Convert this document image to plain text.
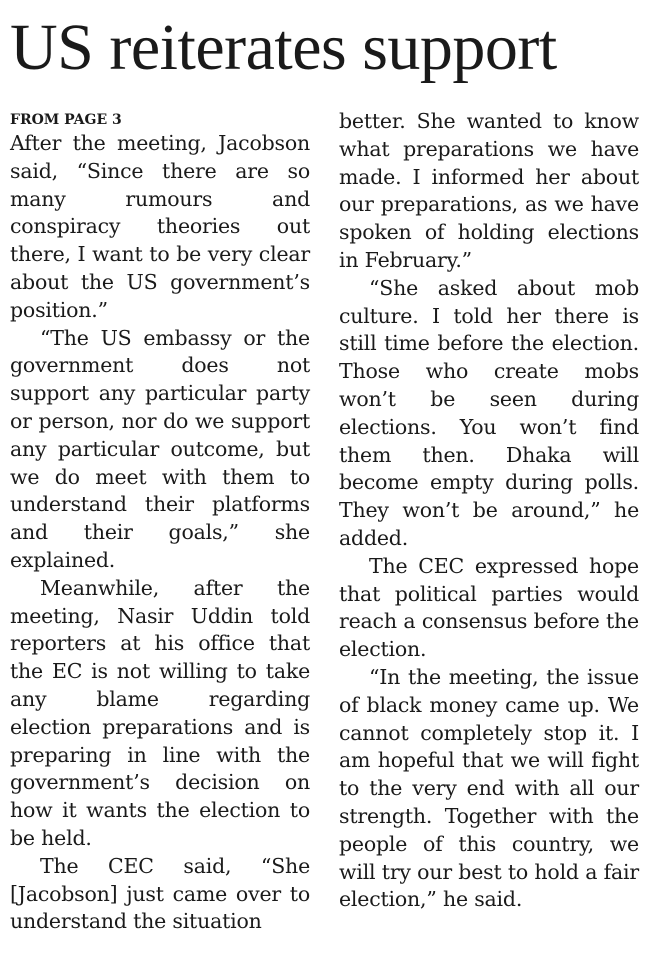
US reiterates support
FROM PAGE 3

After the meeting, Jacobson said, “Since there are so many rumours and conspiracy theories out there, I want to be very clear about the US government’s position.”

“The US embassy or the government does not support any particular party or person, nor do we support any particular outcome, but we do meet with them to understand their platforms and their goals,” she explained.

Meanwhile, after the meeting, Nasir Uddin told reporters at his office that the EC is not willing to take any blame regarding election preparations and is preparing in line with the government’s decision on how it wants the election to be held.

The CEC said, “She [Jacobson] just came over to understand the situation

better. She wanted to know what preparations we have made. I informed her about our preparations, as we have spoken of holding elections in February.”

“She asked about mob culture. I told her there is still time before the election. Those who create mobs won’t be seen during elections. You won’t find them then. Dhaka will become empty during polls. They won’t be around,” he added.

The CEC expressed hope that political parties would reach a consensus before the election.

“In the meeting, the issue of black money came up. We cannot completely stop it. I am hopeful that we will fight to the very end with all our strength. Together with the people of this country, we will try our best to hold a fair election,” he said.
